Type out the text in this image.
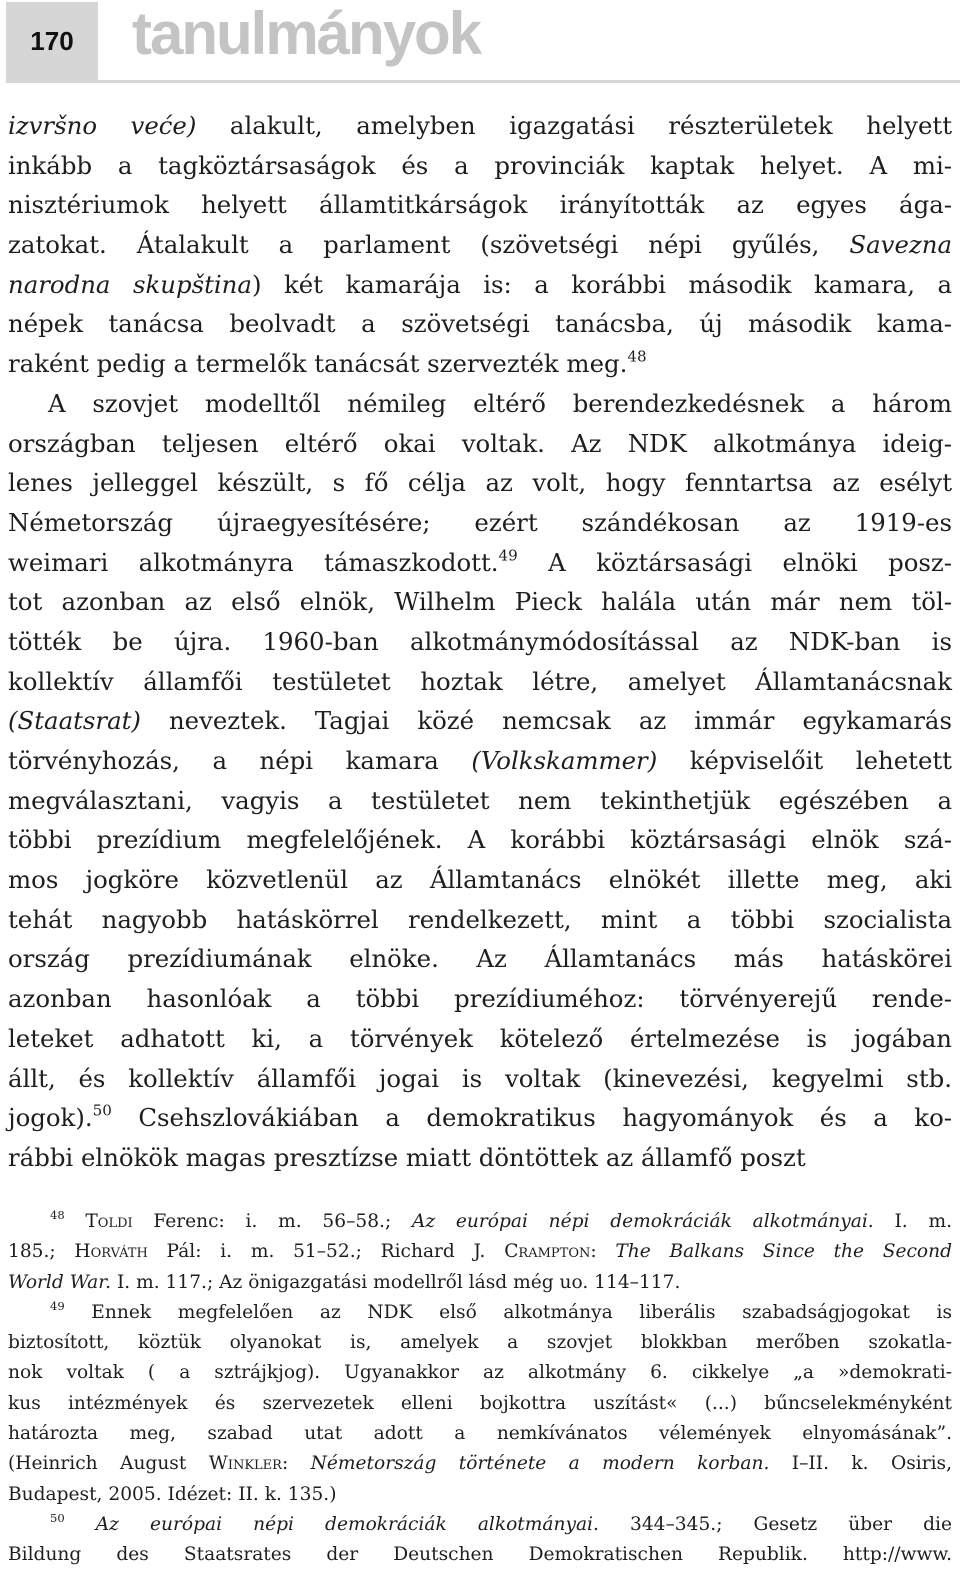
170 tanulmányok
izvršno veće) alakult, amelyben igazgatási részterületek helyett
inkább a tagköztársaságok és a provinciák kaptak helyet. A mi-
nisztériumok helyett államtitkárságok irányították az egyes ága-
zatokat. Átalakult a parlament (szövetségi népi gyűlés, Savezna
narodna skupština) két kamarája is: a korábbi második kamara, a
népek tanácsa beolvadt a szövetségi tanácsba, új második kama-
raként pedig a termelők tanácsát szervezték meg.$^{48}$
A szovjet modelltől némileg eltérő berendezkedésnek a három
országban teljesen eltérő okai voltak. Az NDK alkotmánya ideig-
lenes jelleggel készült, s fő célja az volt, hogy fenntartsa az esélyt
Németország újraegyesítésére; ezért szándékosan az 1919-es
weimari alkotmányra támaszkodott.$^{49}$ A köztársasági elnöki posz-
tot azonban az első elnök, Wilhelm Pieck halála után már nem töl-
tötték be újra. 1960-ban alkotmánymódosítással az NDK-ban is
kollektív államfői testületet hoztak létre, amelyet Államtanácsnak
(Staatsrat) neveztek. Tagjai közé nemcsak az immár egykamarás
törvényhozás, a népi kamara (Volkskammer) képviselőit lehetett
megválasztani, vagyis a testületet nem tekinthetjük egészében a
többi prezídium megfelelőjének. A korábbi köztársasági elnök szá-
mos jogköre közvetlenül az Államtanács elnökét illette meg, aki
tehát nagyobb hatáskörrel rendelkezett, mint a többi szocialista
ország prezídiumának elnöke. Az Államtanács más hatáskörei
azonban hasonlóak a többi prezídiuméhoz: törvényerejű rende-
leteket adhatott ki, a törvények kötelező értelmezése is jogában
állt, és kollektív államfői jogai is voltak (kinevezési, kegyelmi stb.
jogok).$^{50}$ Csehszlovákiában a demokratikus hagyományok és a ko-
rábbi elnökök magas presztízse miatt döntöttek az államfő poszt
$^{48}$ Toldi Ferenc: i. m. 56–58.; Az európai népi demokráciák alkotmányai. I. m.
185.; Horváth Pál: i. m. 51–52.; Richard J. Crampton: The Balkans Since the Second
World War. I. m. 117.; Az önigazgatási modellről lásd még uo. 114–117.
$^{49}$ Ennek megfelelően az NDK első alkotmánya liberális szabadságjogokat is
biztosított, köztük olyanokat is, amelyek a szovjet blokkban merőben szokatla-
nok voltak ( a sztrájkjog). Ugyanakkor az alkotmány 6. cikkelye „a »demokrati-
kus intézmények és szervezetek elleni bojkottra uszítást« (...) bűncselekményként
határozta meg, szabad utat adott a nemkívánatos vélemények elnyomásának”.
(Heinrich August Winkler: Németország története a modern korban. I–II. k. Osiris,
Budapest, 2005. Idézet: II. k. 135.)
$^{50}$ Az európai népi demokráciák alkotmányai. 344–345.; Gesetz über die
Bildung des Staatsrates der Deutschen Demokratischen Republik. http://www.
